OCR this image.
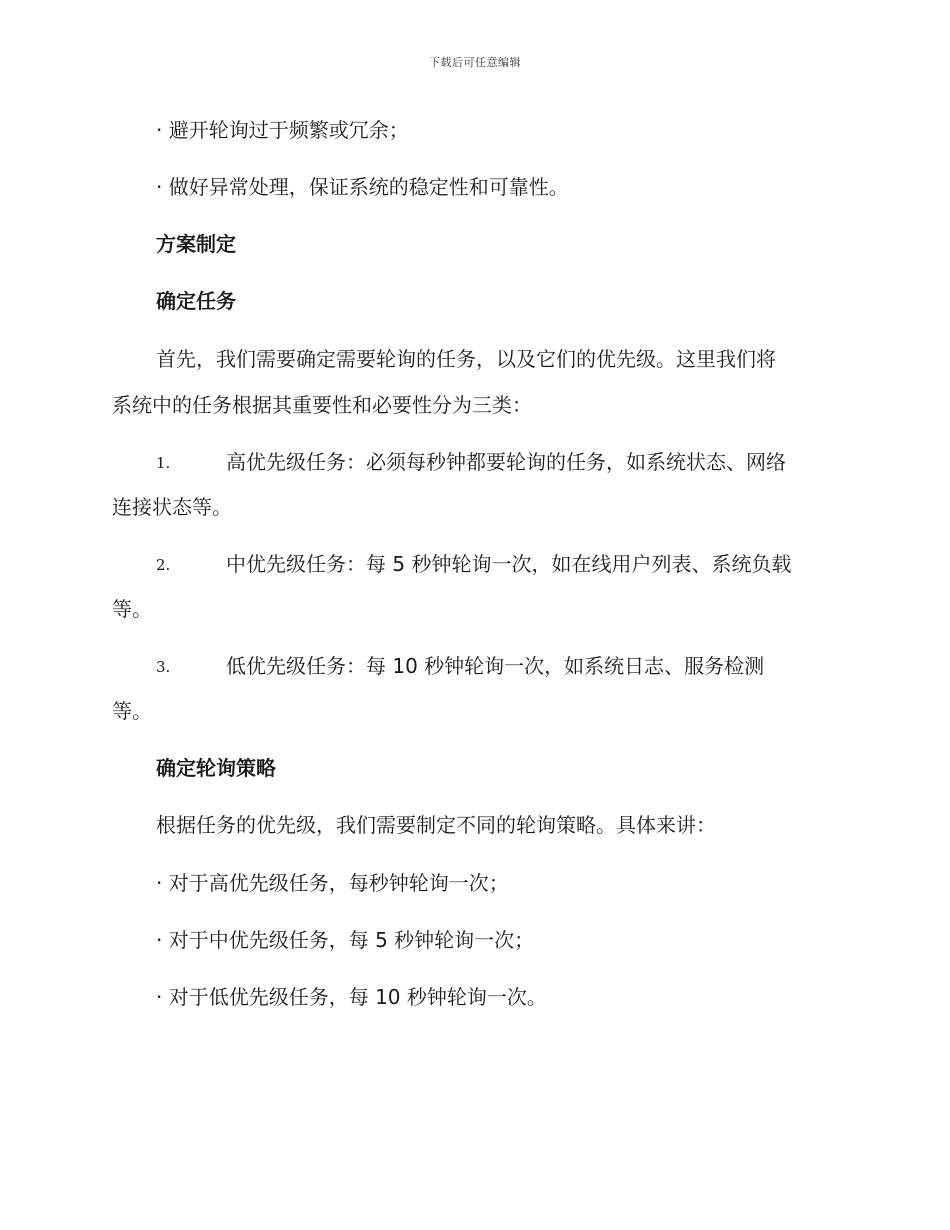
下载后可任意编辑
· 避开轮询过于频繁或冗余；
· 做好异常处理，保证系统的稳定性和可靠性。
方案制定
确定任务
首先，我们需要确定需要轮询的任务，以及它们的优先级。这里我们将
系统中的任务根据其重要性和必要性分为三类：
1.	高优先级任务：必须每秒钟都要轮询的任务，如系统状态、网络
连接状态等。
2.	中优先级任务：每 5 秒钟轮询一次，如在线用户列表、系统负载
等。
3.	低优先级任务：每 10 秒钟轮询一次，如系统日志、服务检测
等。
确定轮询策略
根据任务的优先级，我们需要制定不同的轮询策略。具体来讲：
· 对于高优先级任务，每秒钟轮询一次；
· 对于中优先级任务，每 5 秒钟轮询一次；
· 对于低优先级任务，每 10 秒钟轮询一次。
